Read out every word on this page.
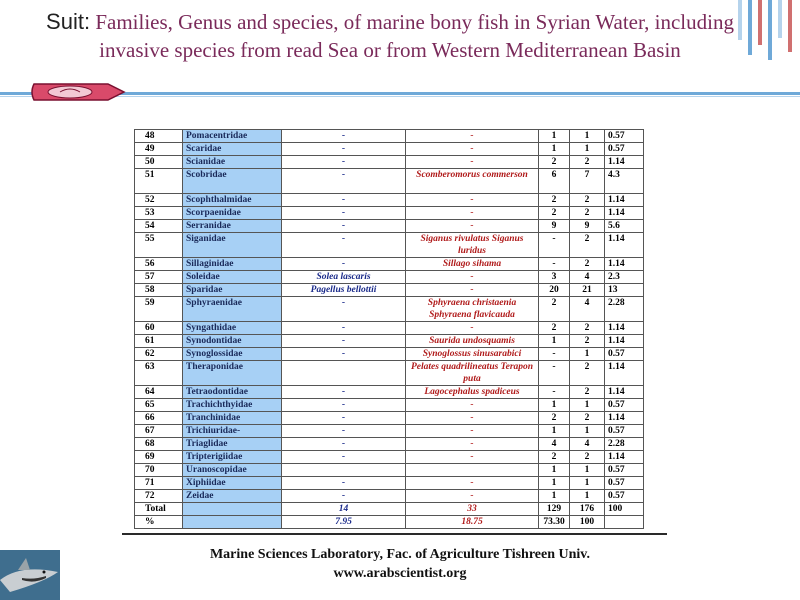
Suit: Families, Genus and species, of marine bony fish in Syrian Water, including invasive species from read Sea or from Western Mediterranean Basin
48	Pomacentridae	-	-	1	1	0.57
49	Scaridae	-	-	1	1	0.57
50	Scianidae	-	-	2	2	1.14
51	Scobridae	-	Scomberomorus commerson	6	7	4.3
52	Scophthalmidae	-	-	2	2	1.14
53	Scorpaenidae	-	-	2	2	1.14
54	Serranidae	-	-	9	9	5.6
55	Siganidae	-	Siganus rivulatus Siganus luridus	-	2	1.14
56	Sillaginidae	-	Sillago sihama	-	2	1.14
57	Soleidae	Solea lascaris	-	3	4	2.3
58	Sparidae	Pagellus bellottii	-	20	21	13
59	Sphyraenidae	-	Sphyraena christaenia Sphyraena flavicauda	2	4	2.28
60	Syngathidae	-	-	2	2	1.14
61	Synodontidae	-	Saurida undosquamis	1	2	1.14
62	Synoglossidae	-	Synoglossus sinusarabici	-	1	0.57
63	Theraponidae		Pelates quadrilineatus Terapon puta	-	2	1.14
64	Tetraodontidae	-	Lagocephalus spadiceus	-	2	1.14
65	Trachichthyidae	-	-	1	1	0.57
66	Tranchinidae	-	-	2	2	1.14
67	Trichiuridae-	-	-	1	1	0.57
68	Triaglidae	-	-	4	4	2.28
69	Tripterigiidae	-	-	2	2	1.14
70	Uranoscopidae			1	1	0.57
71	Xiphiidae	-	-	1	1	0.57
72	Zeidae	-	-	1	1	0.57
Total		14	33	129	176	100
%		7.95	18.75	73.30	100	
Marine Sciences Laboratory, Fac. of Agriculture Tishreen Univ.
www.arabscientist.org
